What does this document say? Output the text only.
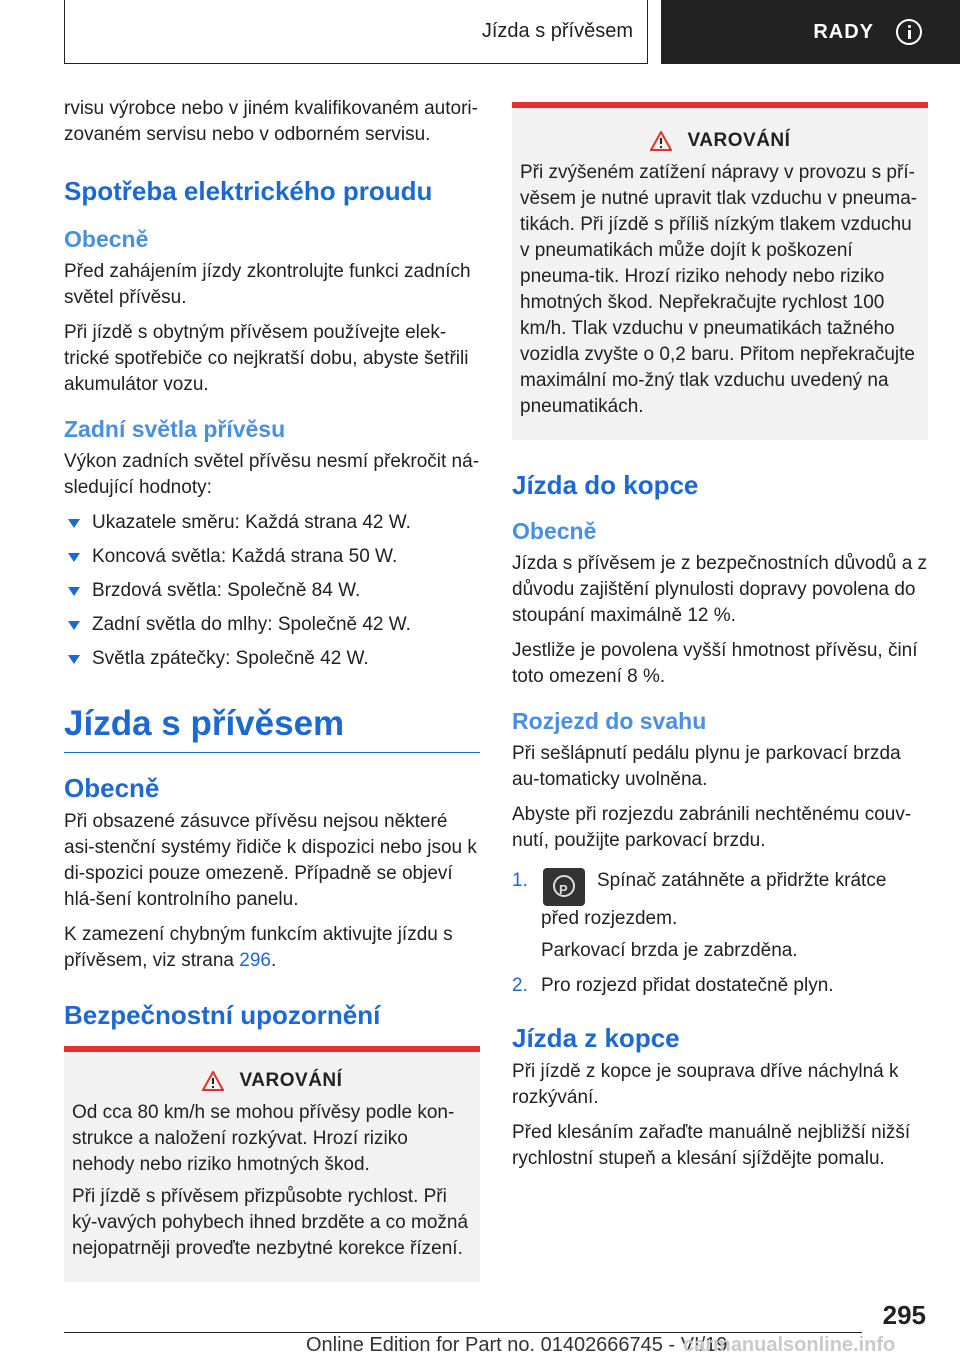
Jízda s přívěsem	RADY

rvisu výrobce nebo v jiném kvalifikovaném autori-zovaném servisu nebo v odborném servisu.

Spotřeba elektrického proudu
Obecně

Před zahájením jízdy zkontrolujte funkci zadních světel přívěsu.

Při jízdě s obytným přívěsem používejte elek-trické spotřebiče co nejkratší dobu, abyste šetřili akumulátor vozu.

Zadní světla přívěsu

Výkon zadních světel přívěsu nesmí překročit ná-sledující hodnoty:

Ukazatele směru: Každá strana 42 W.
Koncová světla: Každá strana 50 W.
Brzdová světla: Společně 84 W.
Zadní světla do mlhy: Společně 42 W.
Světla zpátečky: Společně 42 W.
Jízda s přívěsem
Obecně

Při obsazené zásuvce přívěsu nejsou některé asi-stenční systémy řidiče k dispozici nebo jsou k di-spozici pouze omezeně. Případně se objeví hlá-šení kontrolního panelu.

K zamezení chybným funkcím aktivujte jízdu s přívěsem, viz strana 296.

Bezpečnostní upozornění
VAROVÁNÍ

Od cca 80 km/h se mohou přívěsy podle kon-strukce a naložení rozkývat. Hrozí riziko nehody nebo riziko hmotných škod.

Při jízdě s přívěsem přizpůsobte rychlost. Při ký-vavých pohybech ihned brzděte a co možná nejopatrněji proveďte nezbytné korekce řízení.

VAROVÁNÍ

Při zvýšeném zatížení nápravy v provozu s pří-věsem je nutné upravit tlak vzduchu v pneuma-tikách. Při jízdě s příliš nízkým tlakem vzduchu v pneumatikách může dojít k poškození pneuma-tik. Hrozí riziko nehody nebo riziko hmotných škod. Nepřekračujte rychlost 100 km/h. Tlak vzduchu v pneumatikách tažného vozidla zvyšte o 0,2 baru. Přitom nepřekračujte maximální mo-žný tlak vzduchu uvedený na pneumatikách.

Jízda do kopce
Obecně

Jízda s přívěsem je z bezpečnostních důvodů a z důvodu zajištění plynulosti dopravy povolena do stoupání maximálně 12 %.

Jestliže je povolena vyšší hmotnost přívěsu, činí toto omezení 8 %.

Rozjezd do svahu

Při sešlápnutí pedálu plynu je parkovací brzda au-tomaticky uvolněna.

Abyste při rozjezdu zabránili nechtěnému couv-nutí, použijte parkovací brzdu.

1.
P	Spínač zatáhněte a přidržte krátce před rozjezdem.
Parkovací brzda je zabrzděna.
2. Pro rozjezd přidat dostatečně plyn.
Jízda z kopce

Při jízdě z kopce je souprava dříve náchylná k rozkývání.

Před klesáním zařaďte manuálně nejbližší nižší rychlostní stupeň a klesání sjíždějte pomalu.

295
Online Edition for Part no. 01402666745 - VI/19
carmanualsonline.info
